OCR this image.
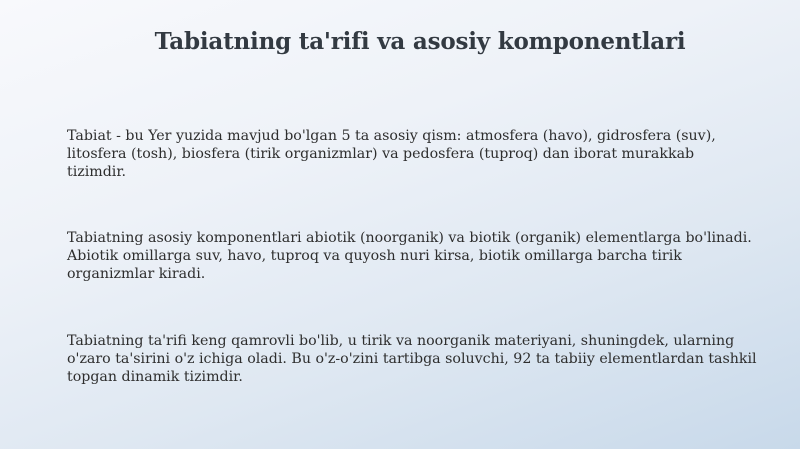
Tabiatning ta'rifi va asosiy komponentlari

Tabiat - bu Yer yuzida mavjud bo'lgan 5 ta asosiy qism: atmosfera (havo), gidrosfera (suv), litosfera (tosh), biosfera (tirik organizmlar) va pedosfera (tuproq) dan iborat murakkab tizimdir.

Tabiatning asosiy komponentlari abiotik (noorganik) va biotik (organik) elementlarga bo'linadi. Abiotik omillarga suv, havo, tuproq va quyosh nuri kirsa, biotik omillarga barcha tirik organizmlar kiradi.

Tabiatning ta'rifi keng qamrovli bo'lib, u tirik va noorganik materiyani, shuningdek, ularning o'zaro ta'sirini o'z ichiga oladi. Bu o'z-o'zini tartibga soluvchi, 92 ta tabiiy elementlardan tashkil topgan dinamik tizimdir.
